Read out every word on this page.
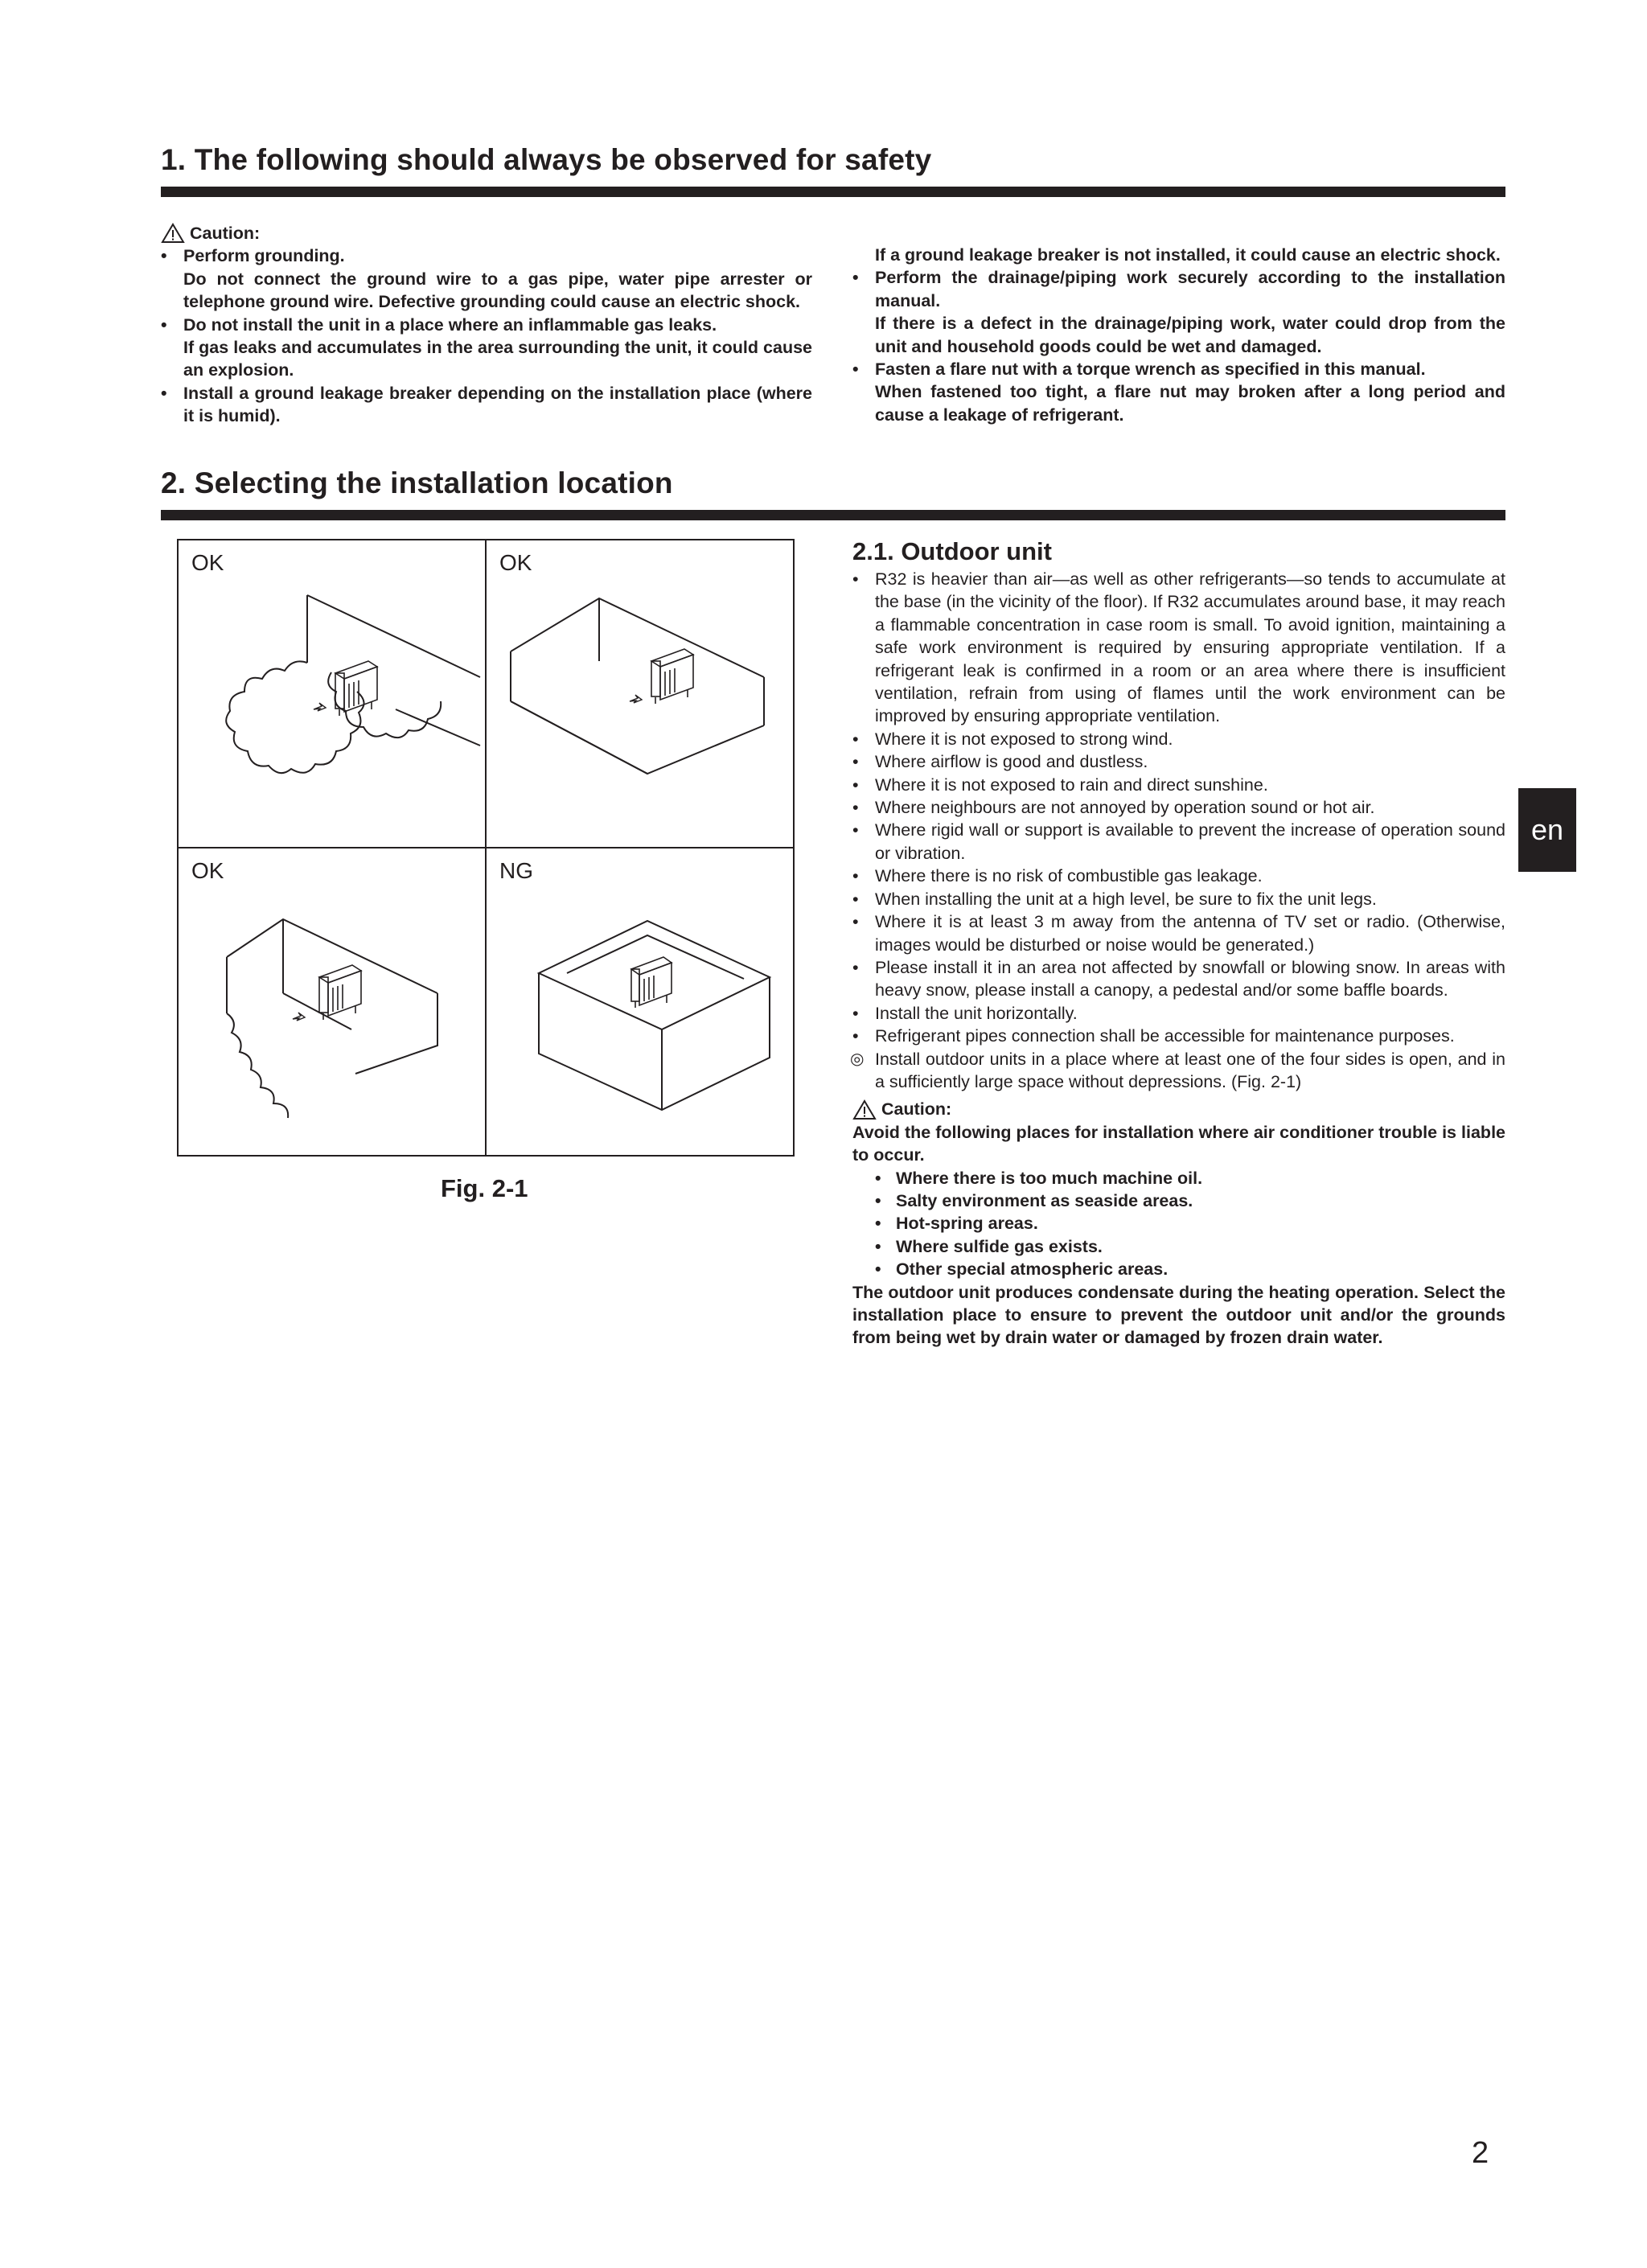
1. The following should always be observed for safety
Caution:

• Perform grounding.

Do not connect the ground wire to a gas pipe, water pipe arrester or telephone ground wire. Defective grounding could cause an electric shock.

• Do not install the unit in a place where an inflammable gas leaks.

If gas leaks and accumulates in the area surrounding the unit, it could cause an explosion.

• Install a ground leakage breaker depending on the installation place (where it is humid).

If a ground leakage breaker is not installed, it could cause an electric shock.

• Perform the drainage/piping work securely according to the installation manual.

If there is a defect in the drainage/piping work, water could drop from the unit and household goods could be wet and damaged.

• Fasten a flare nut with a torque wrench as specified in this manual.

When fastened too tight, a flare nut may broken after a long period and cause a leakage of refrigerant.

2. Selecting the installation location
OK	OK
OK	NG
Fig. 2-1
2.1. Outdoor unit

• R32 is heavier than air—as well as other refrigerants—so tends to accumulate at the base (in the vicinity of the floor). If R32 accumulates around base, it may reach a flammable concentration in case room is small. To avoid ignition, maintaining a safe work environment is required by ensuring appropriate ventilation. If a refrigerant leak is confirmed in a room or an area where there is insufficient ventilation, refrain from using of flames until the work environment can be improved by ensuring appropriate ventilation.

• Where it is not exposed to strong wind.

• Where airflow is good and dustless.

• Where it is not exposed to rain and direct sunshine.

• Where neighbours are not annoyed by operation sound or hot air.

• Where rigid wall or support is available to prevent the increase of operation sound or vibration.

• Where there is no risk of combustible gas leakage.

• When installing the unit at a high level, be sure to fix the unit legs.

• Where it is at least 3 m away from the antenna of TV set or radio. (Otherwise, images would be disturbed or noise would be generated.)

• Please install it in an area not affected by snowfall or blowing snow. In areas with heavy snow, please install a canopy, a pedestal and/or some baffle boards.

• Install the unit horizontally.

• Refrigerant pipes connection shall be accessible for maintenance purposes.

◎ Install outdoor units in a place where at least one of the four sides is open, and in a sufficiently large space without depressions. (Fig. 2-1)

Caution:

Avoid the following places for installation where air conditioner trouble is liable to occur.

• Where there is too much machine oil.

• Salty environment as seaside areas.

• Hot-spring areas.

• Where sulfide gas exists.

• Other special atmospheric areas.

The outdoor unit produces condensate during the heating operation. Select the installation place to ensure to prevent the outdoor unit and/or the grounds from being wet by drain water or damaged by frozen drain water.

en
2
